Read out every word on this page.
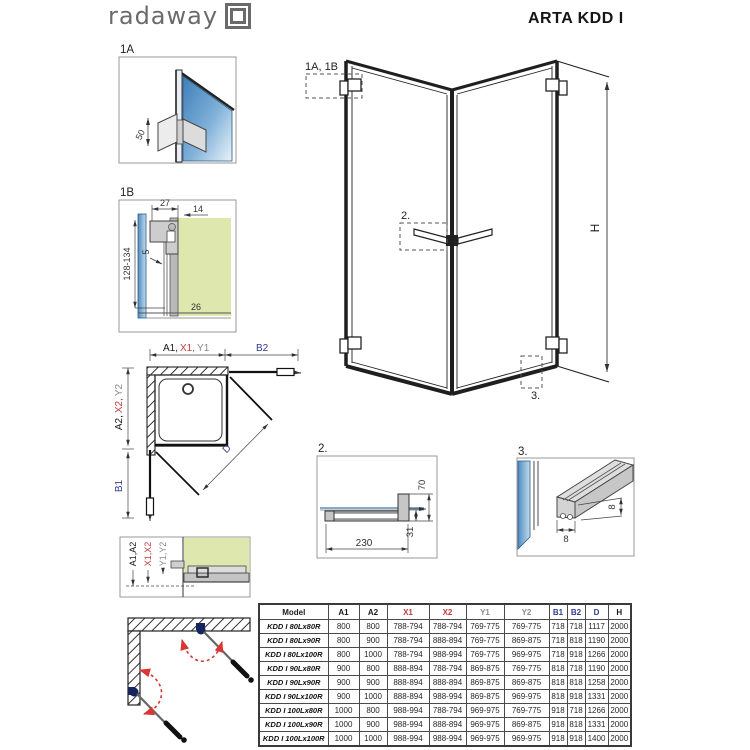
radaway	ARTA KDD I
1A
50
1B
27
14
128-134 5
26
1A, 1B
2.
3.
H
A1, X1, Y1	B2
A2,X2,Y2
B1
D	2.
70
31
230
3.
8
8
A1,A2 X1,X2 Y1,Y2
Model	A1	A2	X1	X2	Y1	Y2	B1	B2	D	H
KDD I 80Lx80R	800	800	788-794	788-794	769-775	769-775	718	718	1117	2000
KDD I 80Lx90R	800	900	788-794	888-894	769-775	869-875	718	818	1190	2000
KDD I 80Lx100R	800	1000	788-794	988-994	769-775	969-975	718	918	1266	2000
KDD I 90Lx80R	900	800	888-894	788-794	869-875	769-775	818	718	1190	2000
KDD I 90Lx90R	900	900	888-894	888-894	869-875	869-875	818	818	1258	2000
KDD I 90Lx100R	900	1000	888-894	988-994	869-875	969-975	818	918	1331	2000
KDD I 100Lx80R	1000	800	988-994	788-794	969-975	769-775	918	718	1266	2000
KDD I 100Lx90R	1000	900	988-994	888-894	969-975	869-875	918	818	1331	2000
KDD I 100Lx100R	1000	1000	988-994	988-994	969-975	969-975	918	918	1400	2000
